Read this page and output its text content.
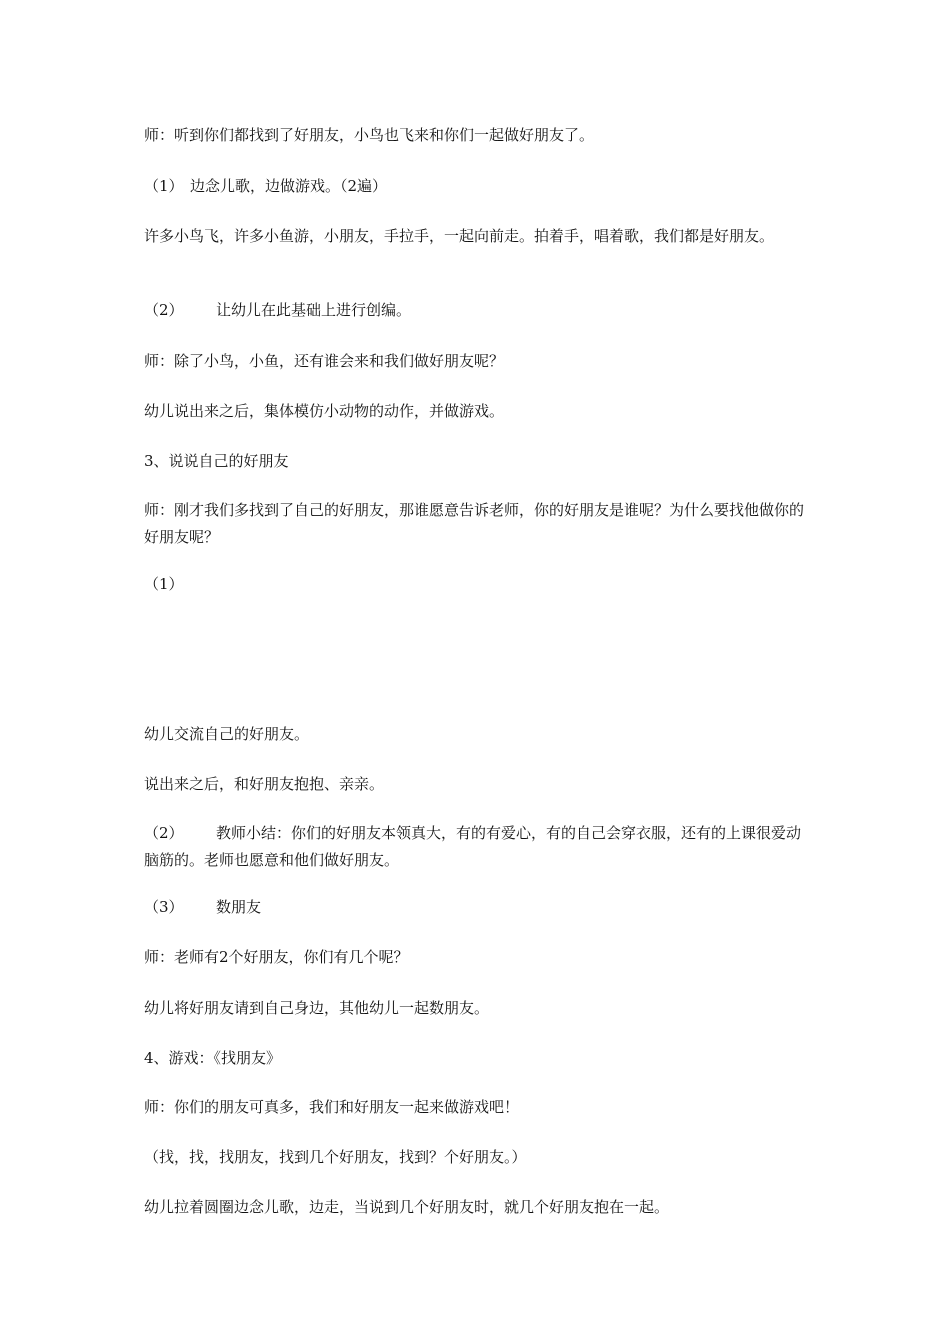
师：听到你们都找到了好朋友，小鸟也飞来和你们一起做好朋友了。
（1） 边念儿歌，边做游戏。（2遍）
许多小鸟飞，许多小鱼游，小朋友，手拉手，一起向前走。拍着手，唱着歌，我们都是好朋友。
（2） 让幼儿在此基础上进行创编。
师：除了小鸟，小鱼，还有谁会来和我们做好朋友呢？
幼儿说出来之后，集体模仿小动物的动作，并做游戏。
3、说说自己的好朋友
师：刚才我们多找到了自己的好朋友，那谁愿意告诉老师，你的好朋友是谁呢？为什么要找他做你的好朋友呢？
（1）
幼儿交流自己的好朋友。
说出来之后，和好朋友抱抱、亲亲。
（2） 教师小结：你们的好朋友本领真大，有的有爱心，有的自己会穿衣服，还有的上课很爱动脑筋的。老师也愿意和他们做好朋友。
（3） 数朋友
师：老师有2个好朋友，你们有几个呢？
幼儿将好朋友请到自己身边，其他幼儿一起数朋友。
4、游戏：《找朋友》
师：你们的朋友可真多，我们和好朋友一起来做游戏吧！
（找，找，找朋友，找到几个好朋友，找到？个好朋友。）
幼儿拉着圆圈边念儿歌，边走，当说到几个好朋友时，就几个好朋友抱在一起。
